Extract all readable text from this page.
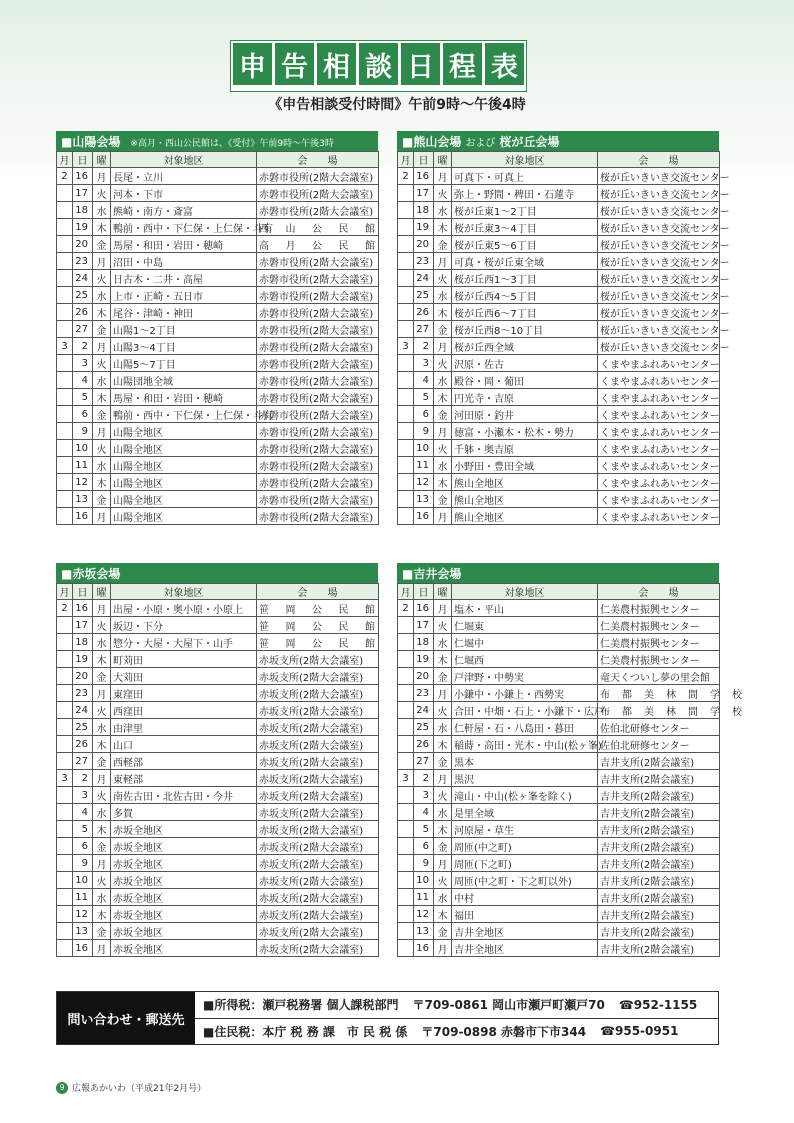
申 告 相 談 日 程 表
《申告相談受付時間》午前9時〜午後4時
■山陽会場 ※高月・西山公民館は、《受付》午前9時〜午後3時
月	日	曜	対象地区	会　　場
2	16	月	長尾・立川	赤磐市役所(2階大会議室)
	17	火	河本・下市	赤磐市役所(2階大会議室)
	18	水	熊崎・南方・斎富	赤磐市役所(2階大会議室)
	19	木	鴨前・西中・下仁保・上仁保・斗有	西　山　公　民　館
	20	金	馬屋・和田・岩田・穂崎	高　月　公　民　館
	23	月	沼田・中島	赤磐市役所(2階大会議室)
	24	火	日古木・二井・高屋	赤磐市役所(2階大会議室)
	25	水	上市・正崎・五日市	赤磐市役所(2階大会議室)
	26	木	尾谷・津崎・神田	赤磐市役所(2階大会議室)
	27	金	山陽1〜2丁目	赤磐市役所(2階大会議室)
3	2	月	山陽3〜4丁目	赤磐市役所(2階大会議室)
	3	火	山陽5〜7丁目	赤磐市役所(2階大会議室)
	4	水	山陽団地全域	赤磐市役所(2階大会議室)
	5	木	馬屋・和田・岩田・穂崎	赤磐市役所(2階大会議室)
	6	金	鴨前・西中・下仁保・上仁保・斗有	赤磐市役所(2階大会議室)
	9	月	山陽全地区	赤磐市役所(2階大会議室)
	10	火	山陽全地区	赤磐市役所(2階大会議室)
	11	水	山陽全地区	赤磐市役所(2階大会議室)
	12	木	山陽全地区	赤磐市役所(2階大会議室)
	13	金	山陽全地区	赤磐市役所(2階大会議室)
	16	月	山陽全地区	赤磐市役所(2階大会議室)
■熊山会場 および 桜が丘会場
月	日	曜	対象地区	会　　場
2	16	月	可真下・可真上	桜が丘いきいき交流センター
	17	火	弥上・野間・稗田・石蓮寺	桜が丘いきいき交流センター
	18	水	桜が丘東1〜2丁目	桜が丘いきいき交流センター
	19	木	桜が丘東3〜4丁目	桜が丘いきいき交流センター
	20	金	桜が丘東5〜6丁目	桜が丘いきいき交流センター
	23	月	可真・桜が丘東全域	桜が丘いきいき交流センター
	24	火	桜が丘西1〜3丁目	桜が丘いきいき交流センター
	25	水	桜が丘西4〜5丁目	桜が丘いきいき交流センター
	26	木	桜が丘西6〜7丁目	桜が丘いきいき交流センター
	27	金	桜が丘西8〜10丁目	桜が丘いきいき交流センター
3	2	月	桜が丘西全域	桜が丘いきいき交流センター
	3	火	沢原・佐古	くまやまふれあいセンター
	4	水	殿谷・岡・葡田	くまやまふれあいセンター
	5	木	円光寺・吉原	くまやまふれあいセンター
	6	金	河田原・釣井	くまやまふれあいセンター
	9	月	徳富・小瀬木・松木・勢力	くまやまふれあいセンター
	10	火	千躰・奥吉原	くまやまふれあいセンター
	11	水	小野田・豊田全域	くまやまふれあいセンター
	12	木	熊山全地区	くまやまふれあいセンター
	13	金	熊山全地区	くまやまふれあいセンター
	16	月	熊山全地区	くまやまふれあいセンター
■赤坂会場
月	日	曜	対象地区	会　　場
2	16	月	出屋・小原・奥小原・小原上	笹　岡　公　民　館
	17	火	坂辺・下分	笹　岡　公　民　館
	18	水	惣分・大屋・大屋下・山手	笹　岡　公　民　館
	19	木	町苅田	赤坂支所(2階大会議室)
	20	金	大苅田	赤坂支所(2階大会議室)
	23	月	東窪田	赤坂支所(2階大会議室)
	24	火	西窪田	赤坂支所(2階大会議室)
	25	水	由津里	赤坂支所(2階大会議室)
	26	木	山口	赤坂支所(2階大会議室)
	27	金	西軽部	赤坂支所(2階大会議室)
3	2	月	東軽部	赤坂支所(2階大会議室)
	3	火	南佐古田・北佐古田・今井	赤坂支所(2階大会議室)
	4	水	多賀	赤坂支所(2階大会議室)
	5	木	赤坂全地区	赤坂支所(2階大会議室)
	6	金	赤坂全地区	赤坂支所(2階大会議室)
	9	月	赤坂全地区	赤坂支所(2階大会議室)
	10	火	赤坂全地区	赤坂支所(2階大会議室)
	11	水	赤坂全地区	赤坂支所(2階大会議室)
	12	木	赤坂全地区	赤坂支所(2階大会議室)
	13	金	赤坂全地区	赤坂支所(2階大会議室)
	16	月	赤坂全地区	赤坂支所(2階大会議室)
■吉井会場
月	日	曜	対象地区	会　　場
2	16	月	塩木・平山	仁美農村振興センター
	17	火	仁堀東	仁美農村振興センター
	18	水	仁堀中	仁美農村振興センター
	19	木	仁堀西	仁美農村振興センター
	20	金	戸津野・中勢実	竜天くついし夢の里会館
	23	月	小鎌中・小鎌上・西勢実	布　都　美　林　間　学　校
	24	火	合田・中畑・石上・小鎌下・広戸	布　都　美　林　間　学　校
	25	水	仁軒屋・石・八島田・暮田	佐伯北研修センター
	26	木	稲蒔・高田・光木・中山(松ヶ峯)	佐伯北研修センター
	27	金	黒本	吉井支所(2階会議室)
3	2	月	黒沢	吉井支所(2階会議室)
	3	火	滝山・中山(松ヶ峯を除く)	吉井支所(2階会議室)
	4	水	是里全域	吉井支所(2階会議室)
	5	木	河原屋・草生	吉井支所(2階会議室)
	6	金	周匝(中之町)	吉井支所(2階会議室)
	9	月	周匝(下之町)	吉井支所(2階会議室)
	10	火	周匝(中之町・下之町以外)	吉井支所(2階会議室)
	11	水	中村	吉井支所(2階会議室)
	12	木	福田	吉井支所(2階会議室)
	13	金	吉井全地区	吉井支所(2階会議室)
	16	月	吉井全地区	吉井支所(2階会議室)
問い合わせ・郵送先
■所得税：瀬戸税務署 個人課税部門 〒709-0861 岡山市瀬戸町瀬戸70 ☎952-1155
■住民税：本庁 税 務 課　市 民 税 係 〒709-0898 赤磐市下市344 ☎955-0951
9 広報あかいわ（平成21年2月号）
